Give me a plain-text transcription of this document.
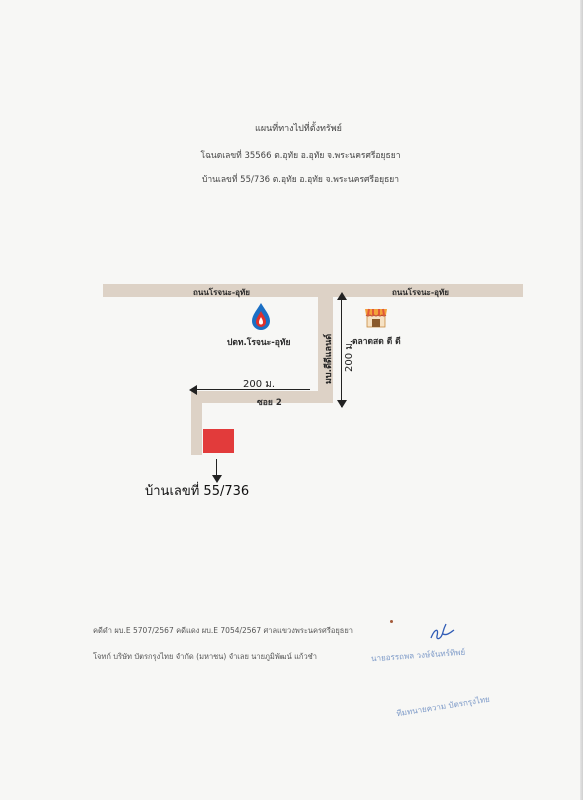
แผนที่ทางไปที่ตั้งทรัพย์
โฉนดเลขที่ 35566 ต.อุทัย อ.อุทัย จ.พระนครศรีอยุธยา
บ้านเลขที่ 55/736 ต.อุทัย อ.อุทัย จ.พระนครศรีอยุธยา
ถนนโรจนะ-อุทัย	ถนนโรจนะ-อุทัย
ปตท.โรจนะ-อุทัย	ตลาดสด ดี ดี
มบ.ดีดีแลนด์ 200 ม.
200 ม.
ซอย 2
บ้านเลขที่ 55/736
คดีดำ ผบ.E 5707/2567 คดีแดง ผบ.E 7054/2567 ศาลแขวงพระนครศรีอยุธยา
โจทก์ บริษัท บัตรกรุงไทย จำกัด (มหาชน) จำเลย นายภูมิพัฒน์ แก้วชำ	นายอรรถพล วงษ์จันทร์ทิพย์
ทีมทนายความ บัตรกรุงไทย
